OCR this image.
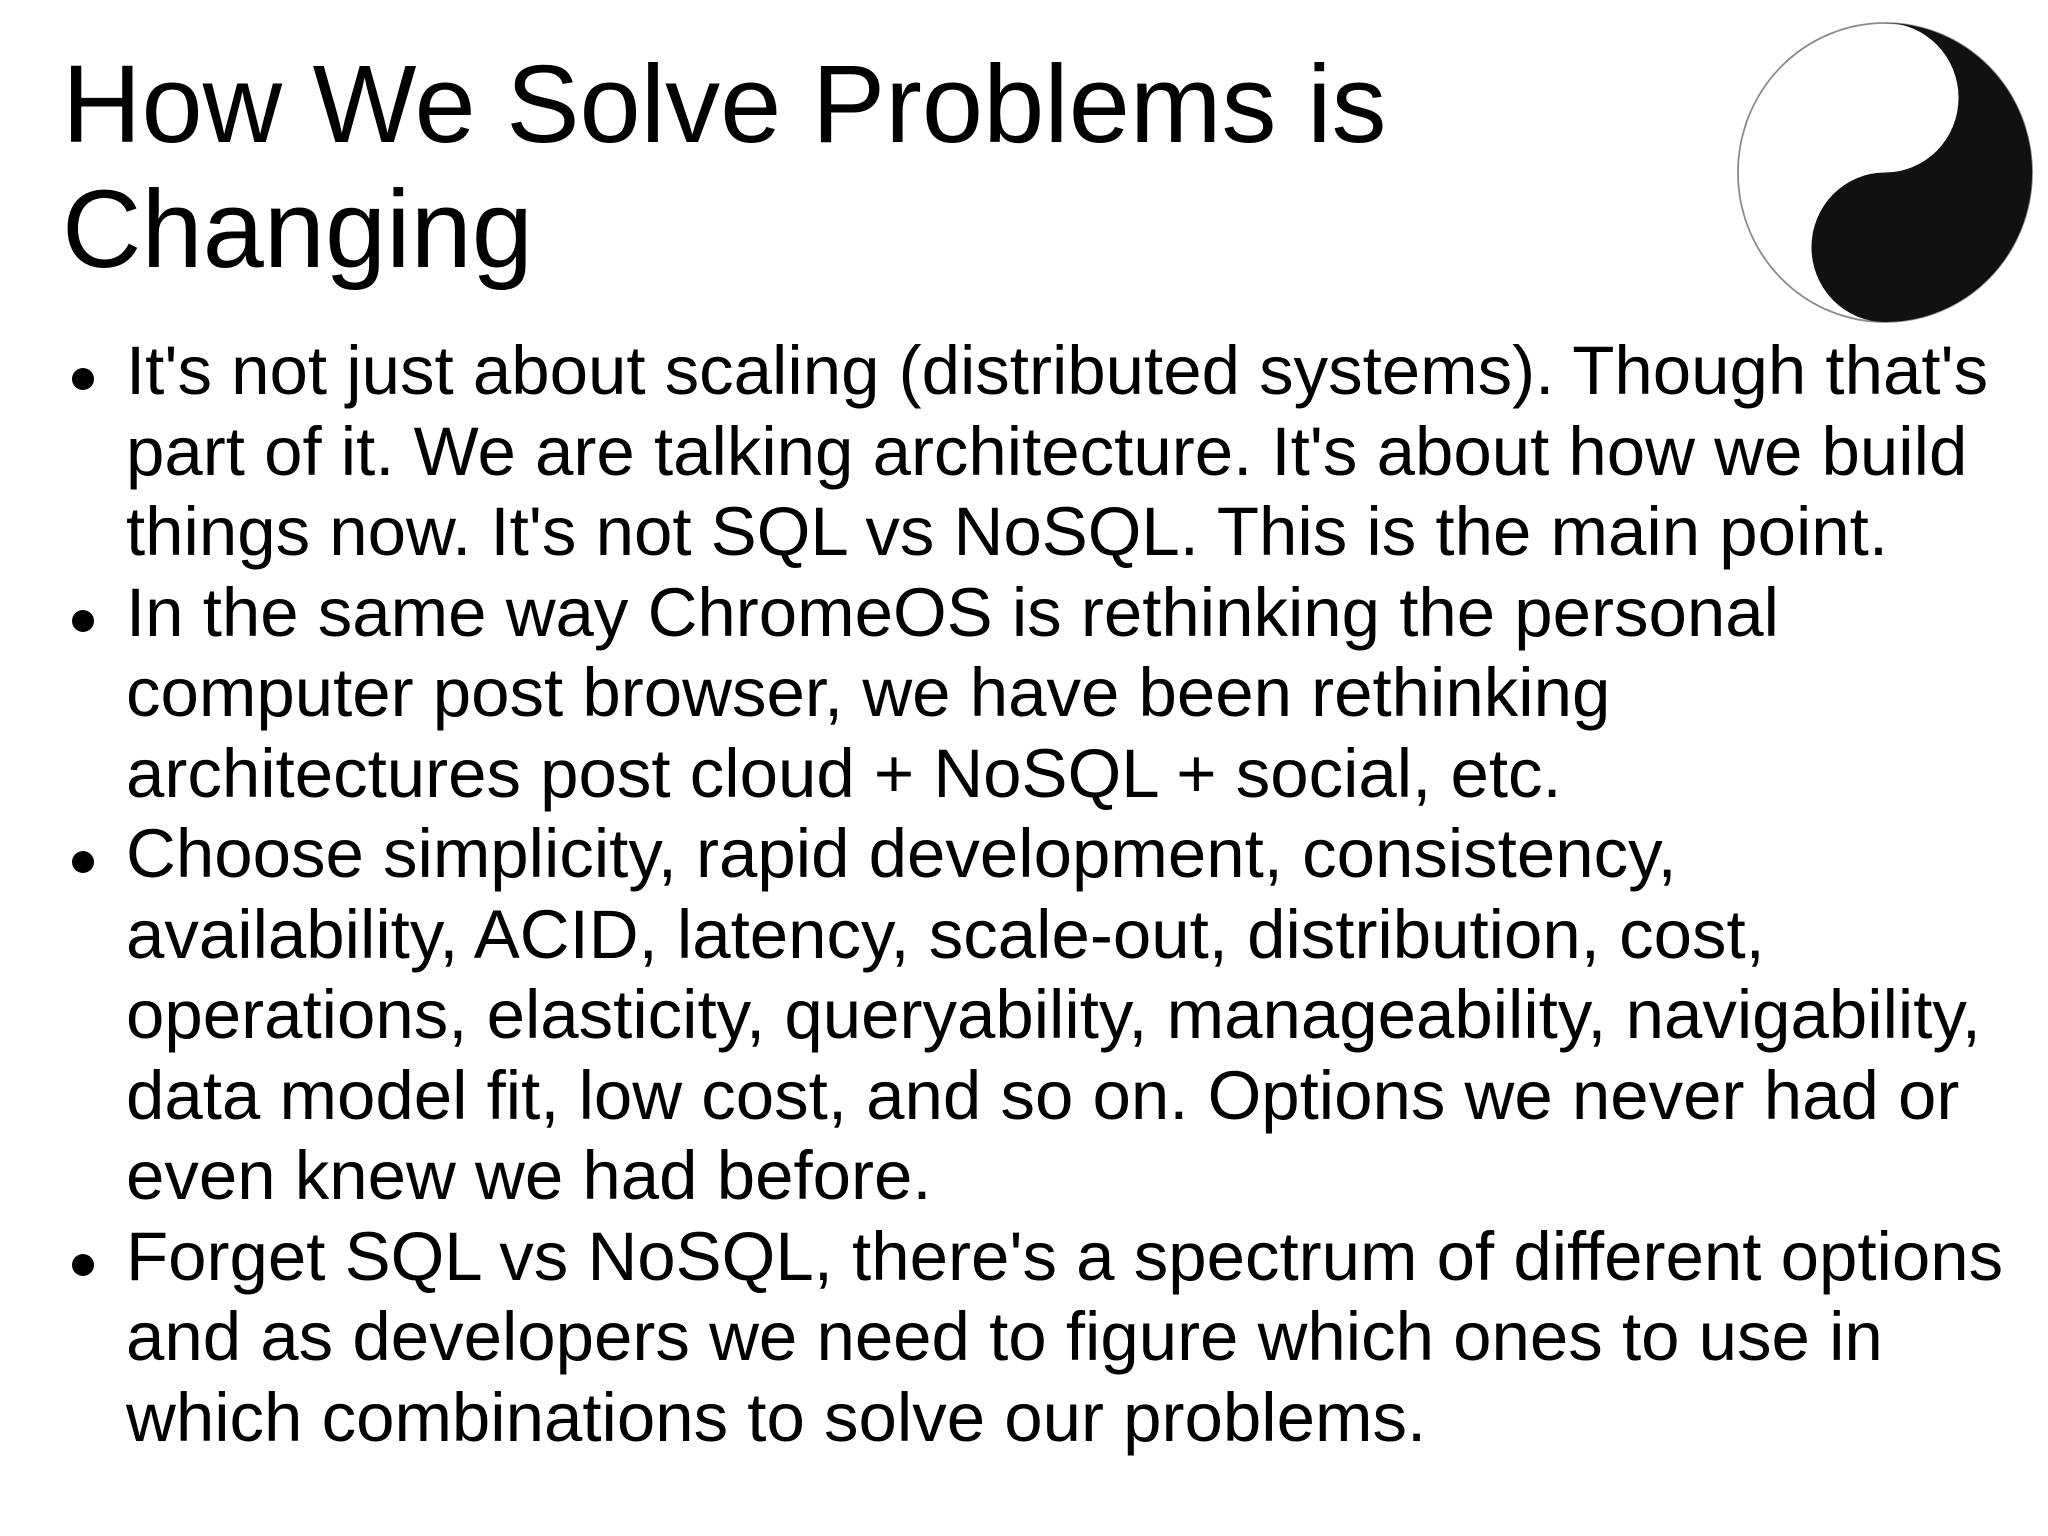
How We Solve Problems is Changing
It's not just about scaling (distributed systems). Though that's part of it. We are talking architecture. It's about how we build things now. It's not SQL vs NoSQL. This is the main point.
In the same way ChromeOS is rethinking the personal computer post browser, we have been rethinking architectures post cloud + NoSQL + social, etc.
Choose simplicity, rapid development, consistency, availability, ACID, latency, scale-out, distribution, cost, operations, elasticity, queryability, manageability, navigability, data model fit, low cost, and so on. Options we never had or even knew we had before.
Forget SQL vs NoSQL, there's a spectrum of different options and as developers we need to figure which ones to use in which combinations to solve our problems.
